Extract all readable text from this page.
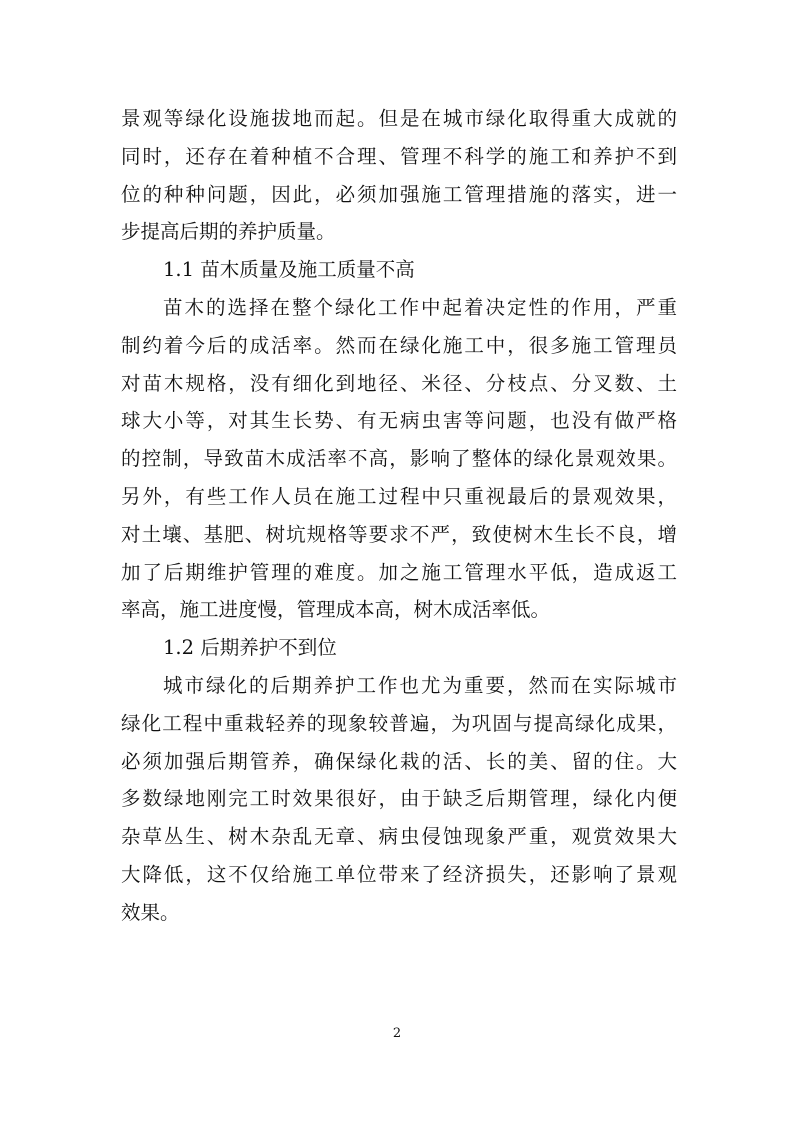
景观等绿化设施拔地而起。但是在城市绿化取得重大成就的
同时，还存在着种植不合理、管理不科学的施工和养护不到
位的种种问题，因此，必须加强施工管理措施的落实，进一
步提高后期的养护质量。
1.1 苗木质量及施工质量不高
苗木的选择在整个绿化工作中起着决定性的作用，严重
制约着今后的成活率。然而在绿化施工中，很多施工管理员
对苗木规格，没有细化到地径、米径、分枝点、分叉数、土
球大小等，对其生长势、有无病虫害等问题，也没有做严格
的控制，导致苗木成活率不高，影响了整体的绿化景观效果。
另外，有些工作人员在施工过程中只重视最后的景观效果，
对土壤、基肥、树坑规格等要求不严，致使树木生长不良，增
加了后期维护管理的难度。加之施工管理水平低，造成返工
率高，施工进度慢，管理成本高，树木成活率低。
1.2 后期养护不到位
城市绿化的后期养护工作也尤为重要，然而在实际城市
绿化工程中重栽轻养的现象较普遍，为巩固与提高绿化成果，
必须加强后期管养，确保绿化栽的活、长的美、留的住。大
多数绿地刚完工时效果很好，由于缺乏后期管理，绿化内便
杂草丛生、树木杂乱无章、病虫侵蚀现象严重，观赏效果大
大降低，这不仅给施工单位带来了经济损失，还影响了景观
效果。
2
